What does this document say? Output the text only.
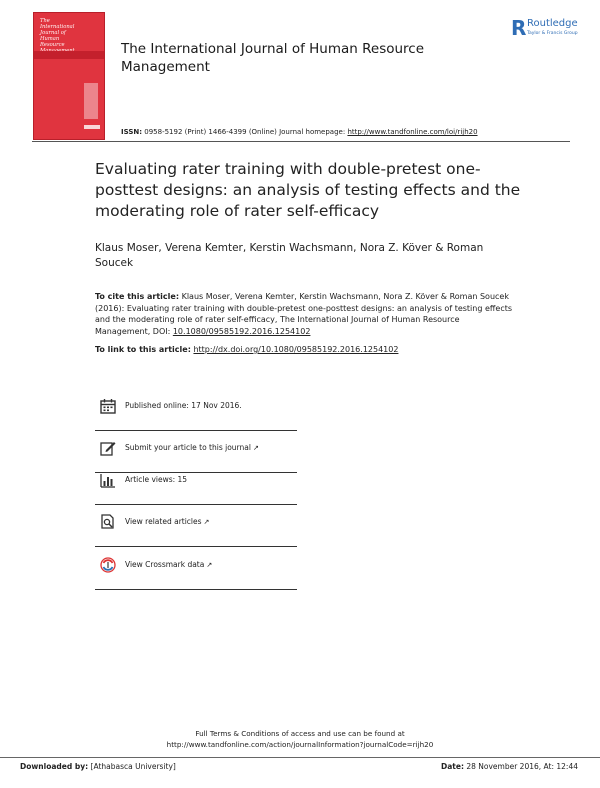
The
International
Journal of
Human
Resource	The International Journal of Human Resource Management
R Routledge
Taylor & Francis Group
ISSN: 0958-5192 (Print) 1466-4399 (Online) Journal homepage: http://www.tandfonline.com/loi/rijh20
Evaluating rater training with double-pretest one-posttest designs: an analysis of testing effects and the moderating role of rater self-efficacy
Klaus Moser, Verena Kemter, Kerstin Wachsmann, Nora Z. Köver & Roman Soucek
To cite this article: Klaus Moser, Verena Kemter, Kerstin Wachsmann, Nora Z. Köver & Roman Soucek (2016): Evaluating rater training with double-pretest one-posttest designs: an analysis of testing effects and the moderating role of rater self-efficacy, The International Journal of Human Resource Management, DOI: 10.1080/09585192.2016.1254102
To link to this article: http://dx.doi.org/10.1080/09585192.2016.1254102
Published online: 17 Nov 2016.
Submit your article to this journal ↗
Article views: 15
View related articles ↗
View Crossmark data ↗
Full Terms & Conditions of access and use can be found at
http://www.tandfonline.com/action/journalInformation?journalCode=rijh20
Downloaded by: [Athabasca University]	Date: 28 November 2016, At: 12:44
